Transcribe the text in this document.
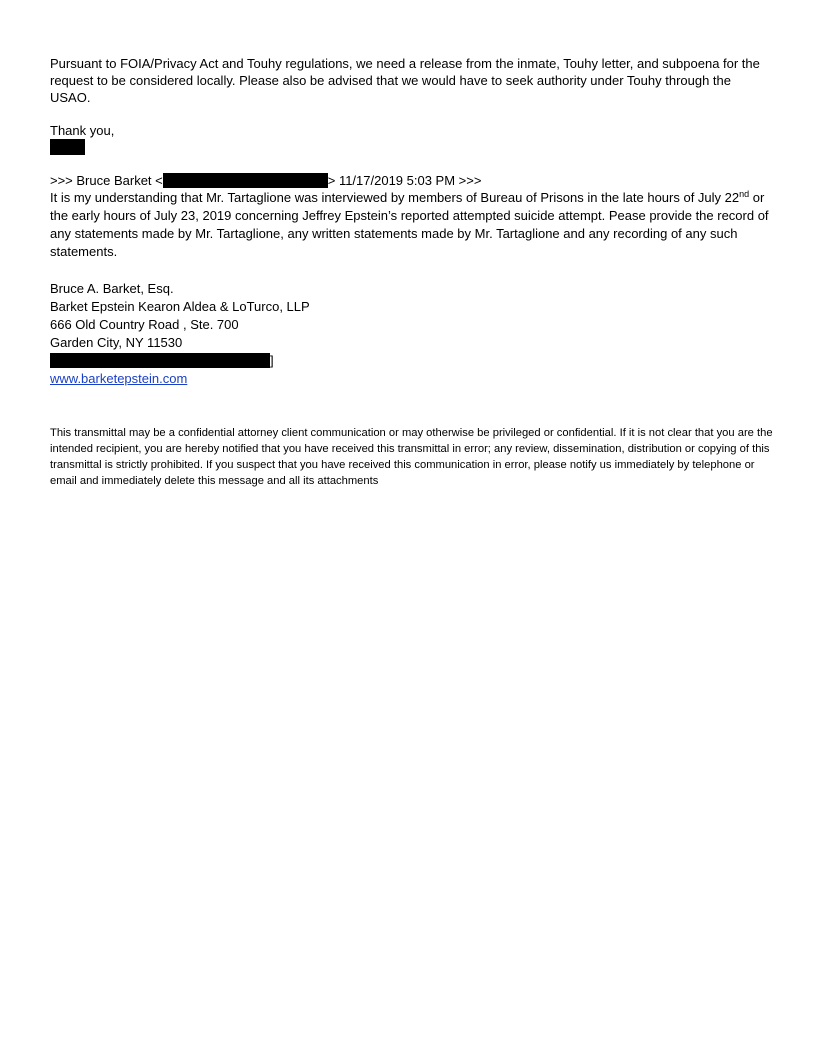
Pursuant to FOIA/Privacy Act and Touhy regulations, we need a release from the inmate, Touhy letter, and subpoena for the request to be considered locally. Please also be advised that we would have to seek authority under Touhy through the USAO.

Thank you,

>>> Bruce Barket <	> 11/17/2019 5:03 PM >>>

It is my understanding that Mr. Tartaglione was interviewed by members of Bureau of Prisons in the late hours of July 22nd or the early hours of July 23, 2019 concerning Jeffrey Epstein’s reported attempted suicide attempt. Pease provide the record of any statements made by Mr. Tartaglione, any written statements made by Mr. Tartaglione and any recording of any such statements.

Bruce A. Barket, Esq.
Barket Epstein Kearon Aldea & LoTurco, LLP
666 Old Country Road , Ste. 700
Garden City, NY 11530
]
www.barketepstein.com

This transmittal may be a confidential attorney client communication or may otherwise be privileged or confidential. If it is not clear that you are the intended recipient, you are hereby notified that you have received this transmittal in error; any review, dissemination, distribution or copying of this transmittal is strictly prohibited. If you suspect that you have received this communication in error, please notify us immediately by telephone or email and immediately delete this message and all its attachments
